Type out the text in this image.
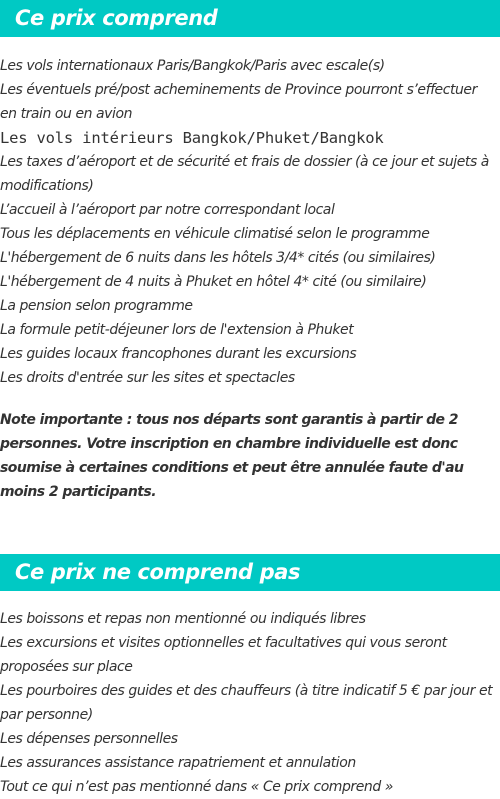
Ce prix comprend
Les vols internationaux Paris/Bangkok/Paris avec escale(s)
Les éventuels pré/post acheminements de Province pourront s’effectuer en train ou en avion
Les vols intérieurs Bangkok/Phuket/Bangkok
Les taxes d’aéroport et de sécurité et frais de dossier (à ce jour et sujets à modifications)
L’accueil à l’aéroport par notre correspondant local
Tous les déplacements en véhicule climatisé selon le programme
L'hébergement de 6 nuits dans les hôtels 3/4* cités (ou similaires)
L'hébergement de 4 nuits à Phuket en hôtel 4* cité (ou similaire)
La pension selon programme
La formule petit-déjeuner lors de l'extension à Phuket
Les guides locaux francophones durant les excursions
Les droits d'entrée sur les sites et spectacles

Note importante : tous nos départs sont garantis à partir de 2 personnes. Votre inscription en chambre individuelle est donc soumise à certaines conditions et peut être annulée faute d'au moins 2 participants.

Ce prix ne comprend pas
Les boissons et repas non mentionné ou indiqués libres
Les excursions et visites optionnelles et facultatives qui vous seront proposées sur place
Les pourboires des guides et des chauffeurs (à titre indicatif 5 € par jour et par personne)
Les dépenses personnelles
Les assurances assistance rapatriement et annulation
Tout ce qui n’est pas mentionné dans « Ce prix comprend »
